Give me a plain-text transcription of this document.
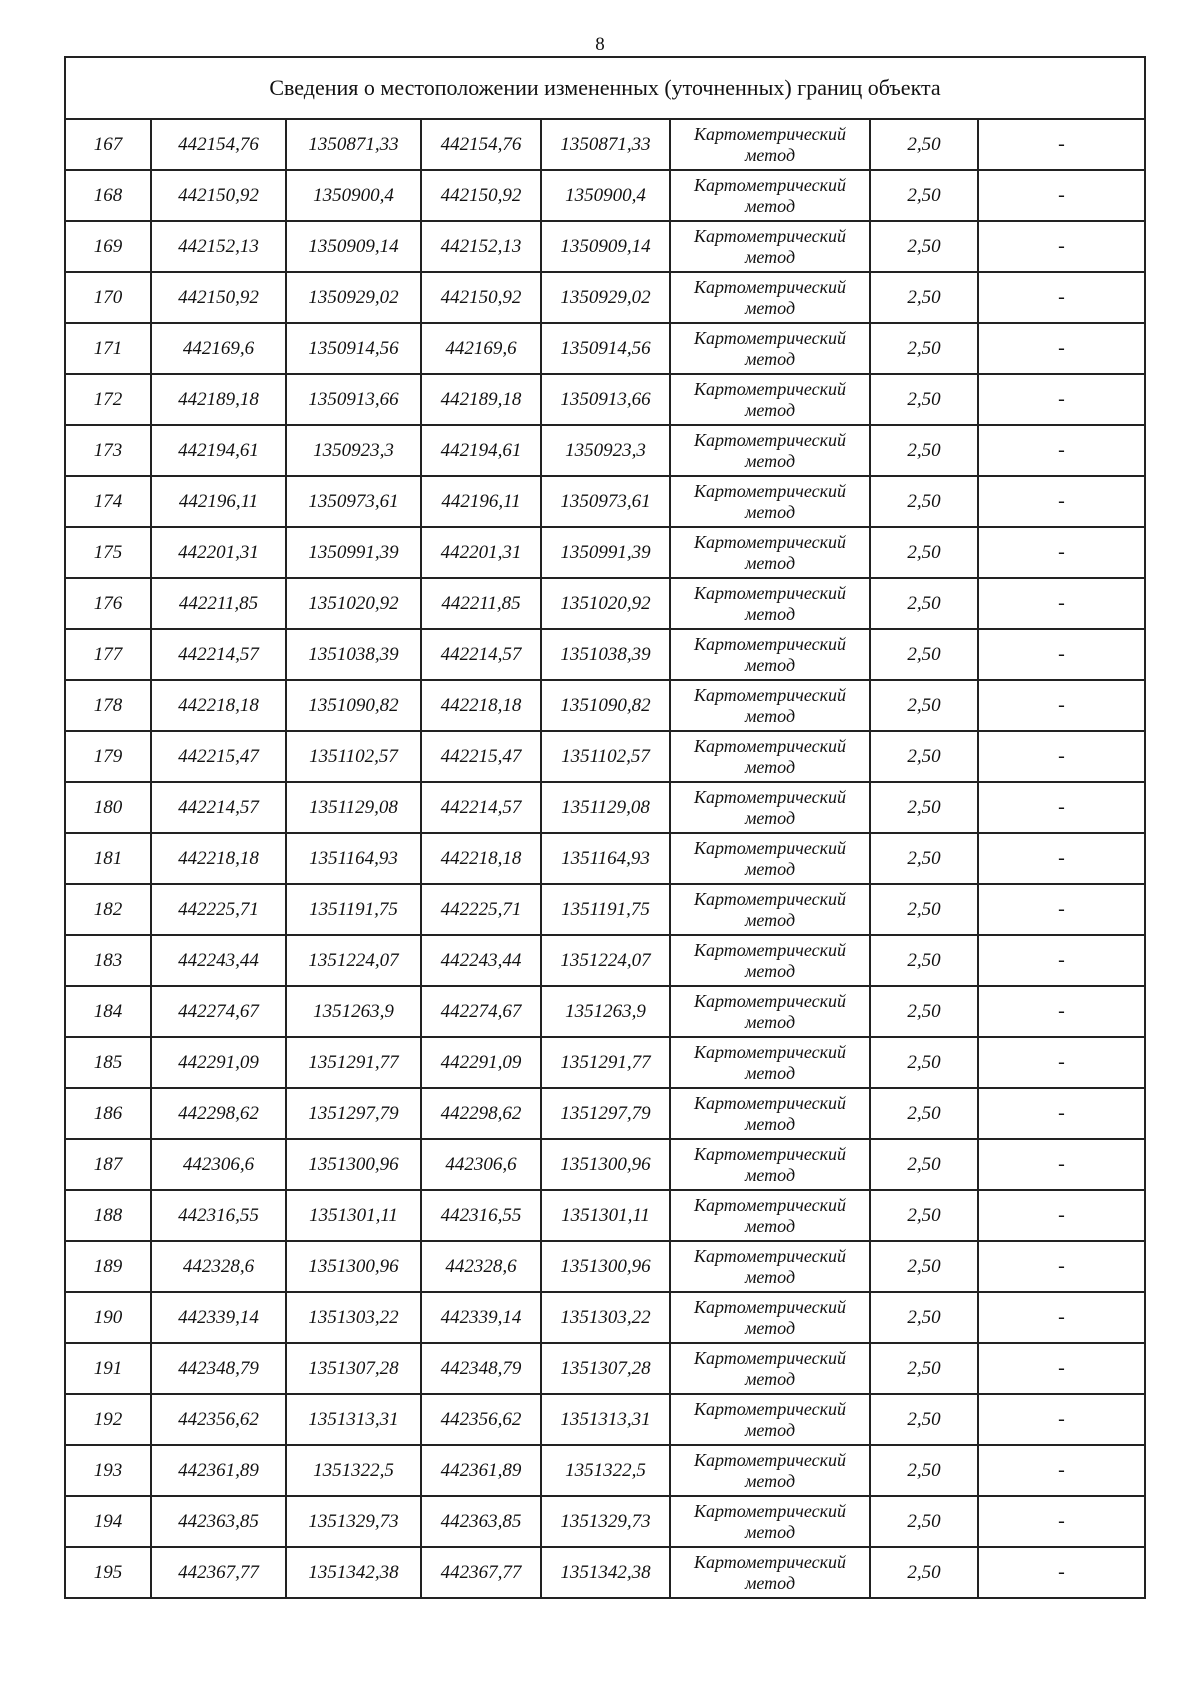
8
Сведения о местоположении измененных (уточненных) границ объекта							
167	442154,76	1350871,33	442154,76	1350871,33	Картометрический метод	2,50	-
168	442150,92	1350900,4	442150,92	1350900,4	Картометрический метод	2,50	-
169	442152,13	1350909,14	442152,13	1350909,14	Картометрический метод	2,50	-
170	442150,92	1350929,02	442150,92	1350929,02	Картометрический метод	2,50	-
171	442169,6	1350914,56	442169,6	1350914,56	Картометрический метод	2,50	-
172	442189,18	1350913,66	442189,18	1350913,66	Картометрический метод	2,50	-
173	442194,61	1350923,3	442194,61	1350923,3	Картометрический метод	2,50	-
174	442196,11	1350973,61	442196,11	1350973,61	Картометрический метод	2,50	-
175	442201,31	1350991,39	442201,31	1350991,39	Картометрический метод	2,50	-
176	442211,85	1351020,92	442211,85	1351020,92	Картометрический метод	2,50	-
177	442214,57	1351038,39	442214,57	1351038,39	Картометрический метод	2,50	-
178	442218,18	1351090,82	442218,18	1351090,82	Картометрический метод	2,50	-
179	442215,47	1351102,57	442215,47	1351102,57	Картометрический метод	2,50	-
180	442214,57	1351129,08	442214,57	1351129,08	Картометрический метод	2,50	-
181	442218,18	1351164,93	442218,18	1351164,93	Картометрический метод	2,50	-
182	442225,71	1351191,75	442225,71	1351191,75	Картометрический метод	2,50	-
183	442243,44	1351224,07	442243,44	1351224,07	Картометрический метод	2,50	-
184	442274,67	1351263,9	442274,67	1351263,9	Картометрический метод	2,50	-
185	442291,09	1351291,77	442291,09	1351291,77	Картометрический метод	2,50	-
186	442298,62	1351297,79	442298,62	1351297,79	Картометрический метод	2,50	-
187	442306,6	1351300,96	442306,6	1351300,96	Картометрический метод	2,50	-
188	442316,55	1351301,11	442316,55	1351301,11	Картометрический метод	2,50	-
189	442328,6	1351300,96	442328,6	1351300,96	Картометрический метод	2,50	-
190	442339,14	1351303,22	442339,14	1351303,22	Картометрический метод	2,50	-
191	442348,79	1351307,28	442348,79	1351307,28	Картометрический метод	2,50	-
192	442356,62	1351313,31	442356,62	1351313,31	Картометрический метод	2,50	-
193	442361,89	1351322,5	442361,89	1351322,5	Картометрический метод	2,50	-
194	442363,85	1351329,73	442363,85	1351329,73	Картометрический метод	2,50	-
195	442367,77	1351342,38	442367,77	1351342,38	Картометрический метод	2,50	-
